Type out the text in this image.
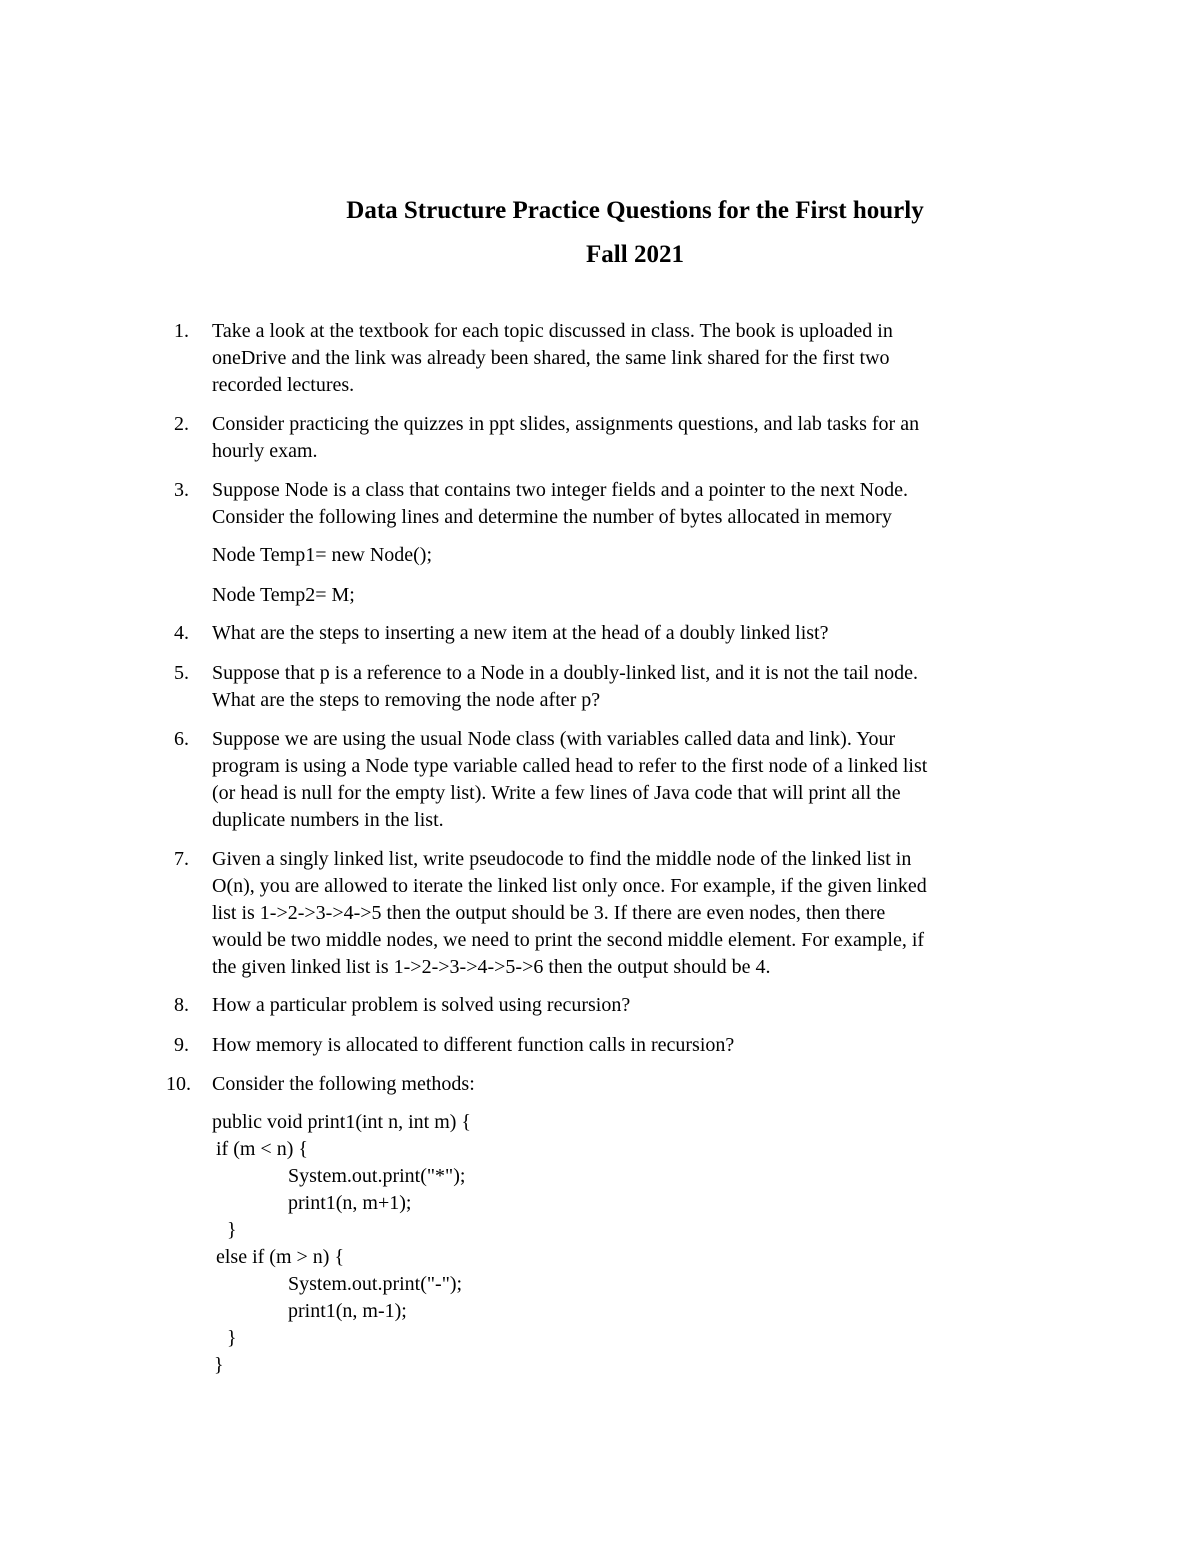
Data Structure Practice Questions for the First hourly
Fall 2021
1.	Take a look at the textbook for each topic discussed in class. The book is uploaded in
oneDrive and the link was already been shared, the same link shared for the first two
recorded lectures.
2.	Consider practicing the quizzes in ppt slides, assignments questions, and lab tasks for an
hourly exam.
3.	Suppose Node is a class that contains two integer fields and a pointer to the next Node.
Consider the following lines and determine the number of bytes allocated in memory
Node Temp1= new Node();
Node Temp2= M;
4.	What are the steps to inserting a new item at the head of a doubly linked list?
5.	Suppose that p is a reference to a Node in a doubly-linked list, and it is not the tail node.
What are the steps to removing the node after p?
6.	Suppose we are using the usual Node class (with variables called data and link). Your
program is using a Node type variable called head to refer to the first node of a linked list
(or head is null for the empty list). Write a few lines of Java code that will print all the
duplicate numbers in the list.
7.	Given a singly linked list, write pseudocode to find the middle node of the linked list in
O(n), you are allowed to iterate the linked list only once. For example, if the given linked
list is 1->2->3->4->5 then the output should be 3. If there are even nodes, then there
would be two middle nodes, we need to print the second middle element. For example, if
the given linked list is 1->2->3->4->5->6 then the output should be 4.
8.	How a particular problem is solved using recursion?
9.	How memory is allocated to different function calls in recursion?
10.	Consider the following methods:
public void print1(int n, int m) {
if (m < n) {
System.out.print("*");
print1(n, m+1);
}
else if (m > n) {
System.out.print("-");
print1(n, m-1);
}
}
